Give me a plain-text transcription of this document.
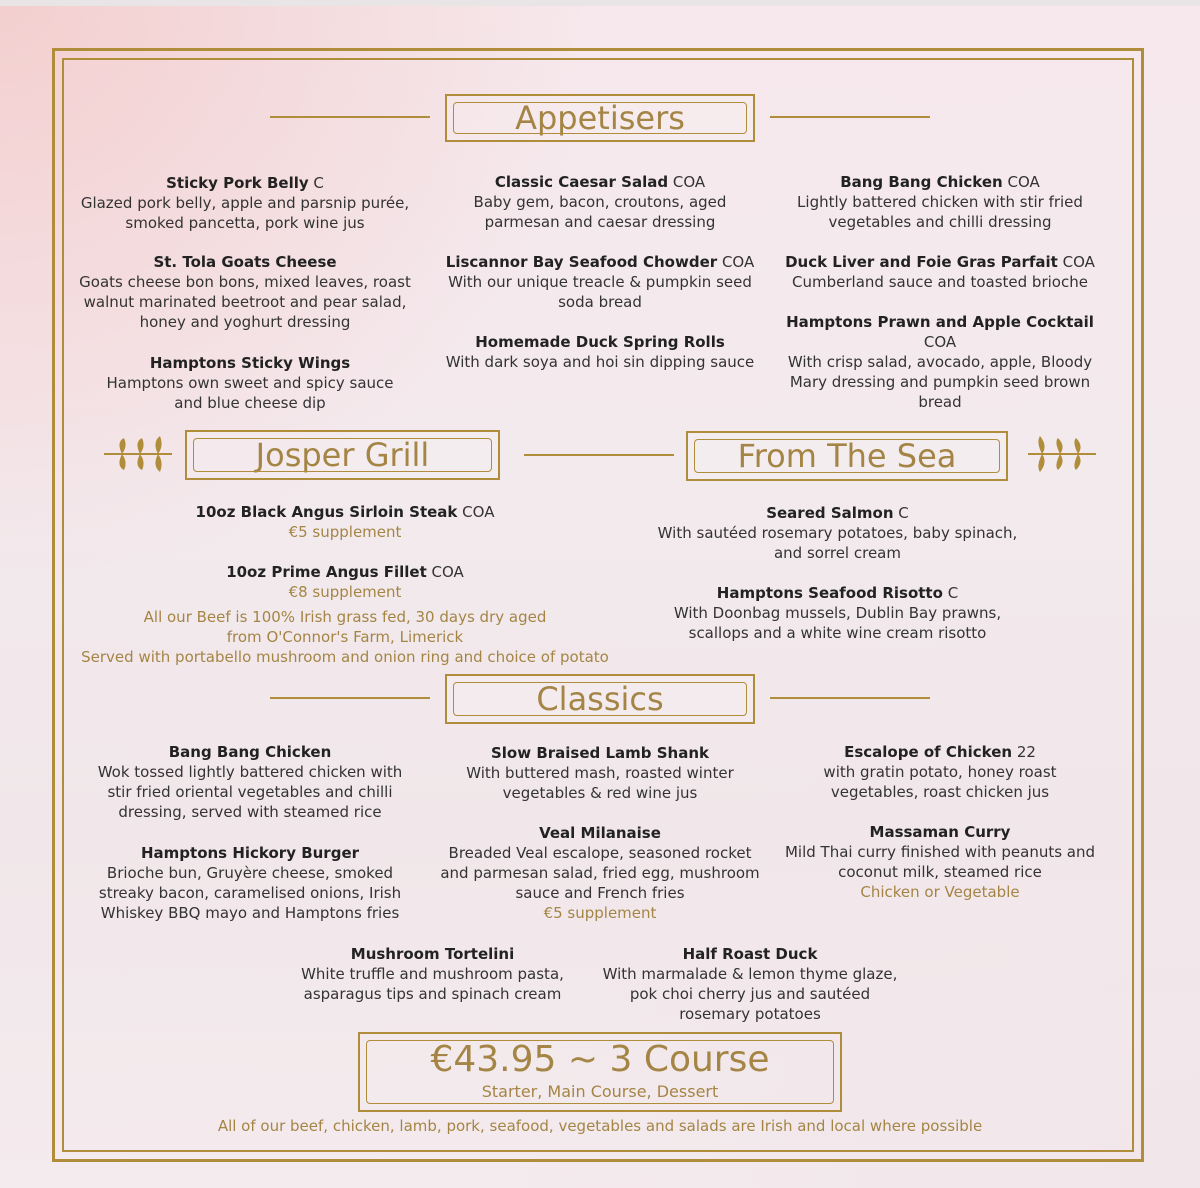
Appetisers
Sticky Pork Belly C
Glazed pork belly, apple and parsnip purée, smoked pancetta, pork wine jus
St. Tola Goats Cheese
Goats cheese bon bons, mixed leaves, roast walnut marinated beetroot and pear salad, honey and yoghurt dressing
Hamptons Sticky Wings
Hamptons own sweet and spicy sauce and blue cheese dip
Classic Caesar Salad COA
Baby gem, bacon, croutons, aged parmesan and caesar dressing
Liscannor Bay Seafood Chowder COA
With our unique treacle & pumpkin seed soda bread
Homemade Duck Spring Rolls
With dark soya and hoi sin dipping sauce
Bang Bang Chicken COA
Lightly battered chicken with stir fried vegetables and chilli dressing
Duck Liver and Foie Gras Parfait COA
Cumberland sauce and toasted brioche
Hamptons Prawn and Apple Cocktail COA
With crisp salad, avocado, apple, Bloody Mary dressing and pumpkin seed brown bread
Josper Grill	From The Sea
10oz Black Angus Sirloin Steak COA
€5 supplement
10oz Prime Angus Fillet COA
€8 supplement
All our Beef is 100% Irish grass fed, 30 days dry aged from O'Connor's Farm, Limerick
Served with portabello mushroom and onion ring and choice of potato
Seared Salmon C
With sautéed rosemary potatoes, baby spinach, and sorrel cream
Hamptons Seafood Risotto C
With Doonbag mussels, Dublin Bay prawns, scallops and a white wine cream risotto
Classics
Bang Bang Chicken
Wok tossed lightly battered chicken with stir fried oriental vegetables and chilli dressing, served with steamed rice
Hamptons Hickory Burger
Brioche bun, Gruyère cheese, smoked streaky bacon, caramelised onions, Irish Whiskey BBQ mayo and Hamptons fries
Slow Braised Lamb Shank
With buttered mash, roasted winter vegetables & red wine jus
Veal Milanaise
Breaded Veal escalope, seasoned rocket and parmesan salad, fried egg, mushroom sauce and French fries
€5 supplement
Escalope of Chicken 22
with gratin potato, honey roast vegetables, roast chicken jus
Massaman Curry
Mild Thai curry finished with peanuts and coconut milk, steamed rice
Chicken or Vegetable
Mushroom Tortelini
White truffle and mushroom pasta, asparagus tips and spinach cream
Half Roast Duck
With marmalade & lemon thyme glaze, pok choi cherry jus and sautéed rosemary potatoes
€43.95 ~ 3 Course
Starter, Main Course, Dessert
All of our beef, chicken, lamb, pork, seafood, vegetables and salads are Irish and local where possible
